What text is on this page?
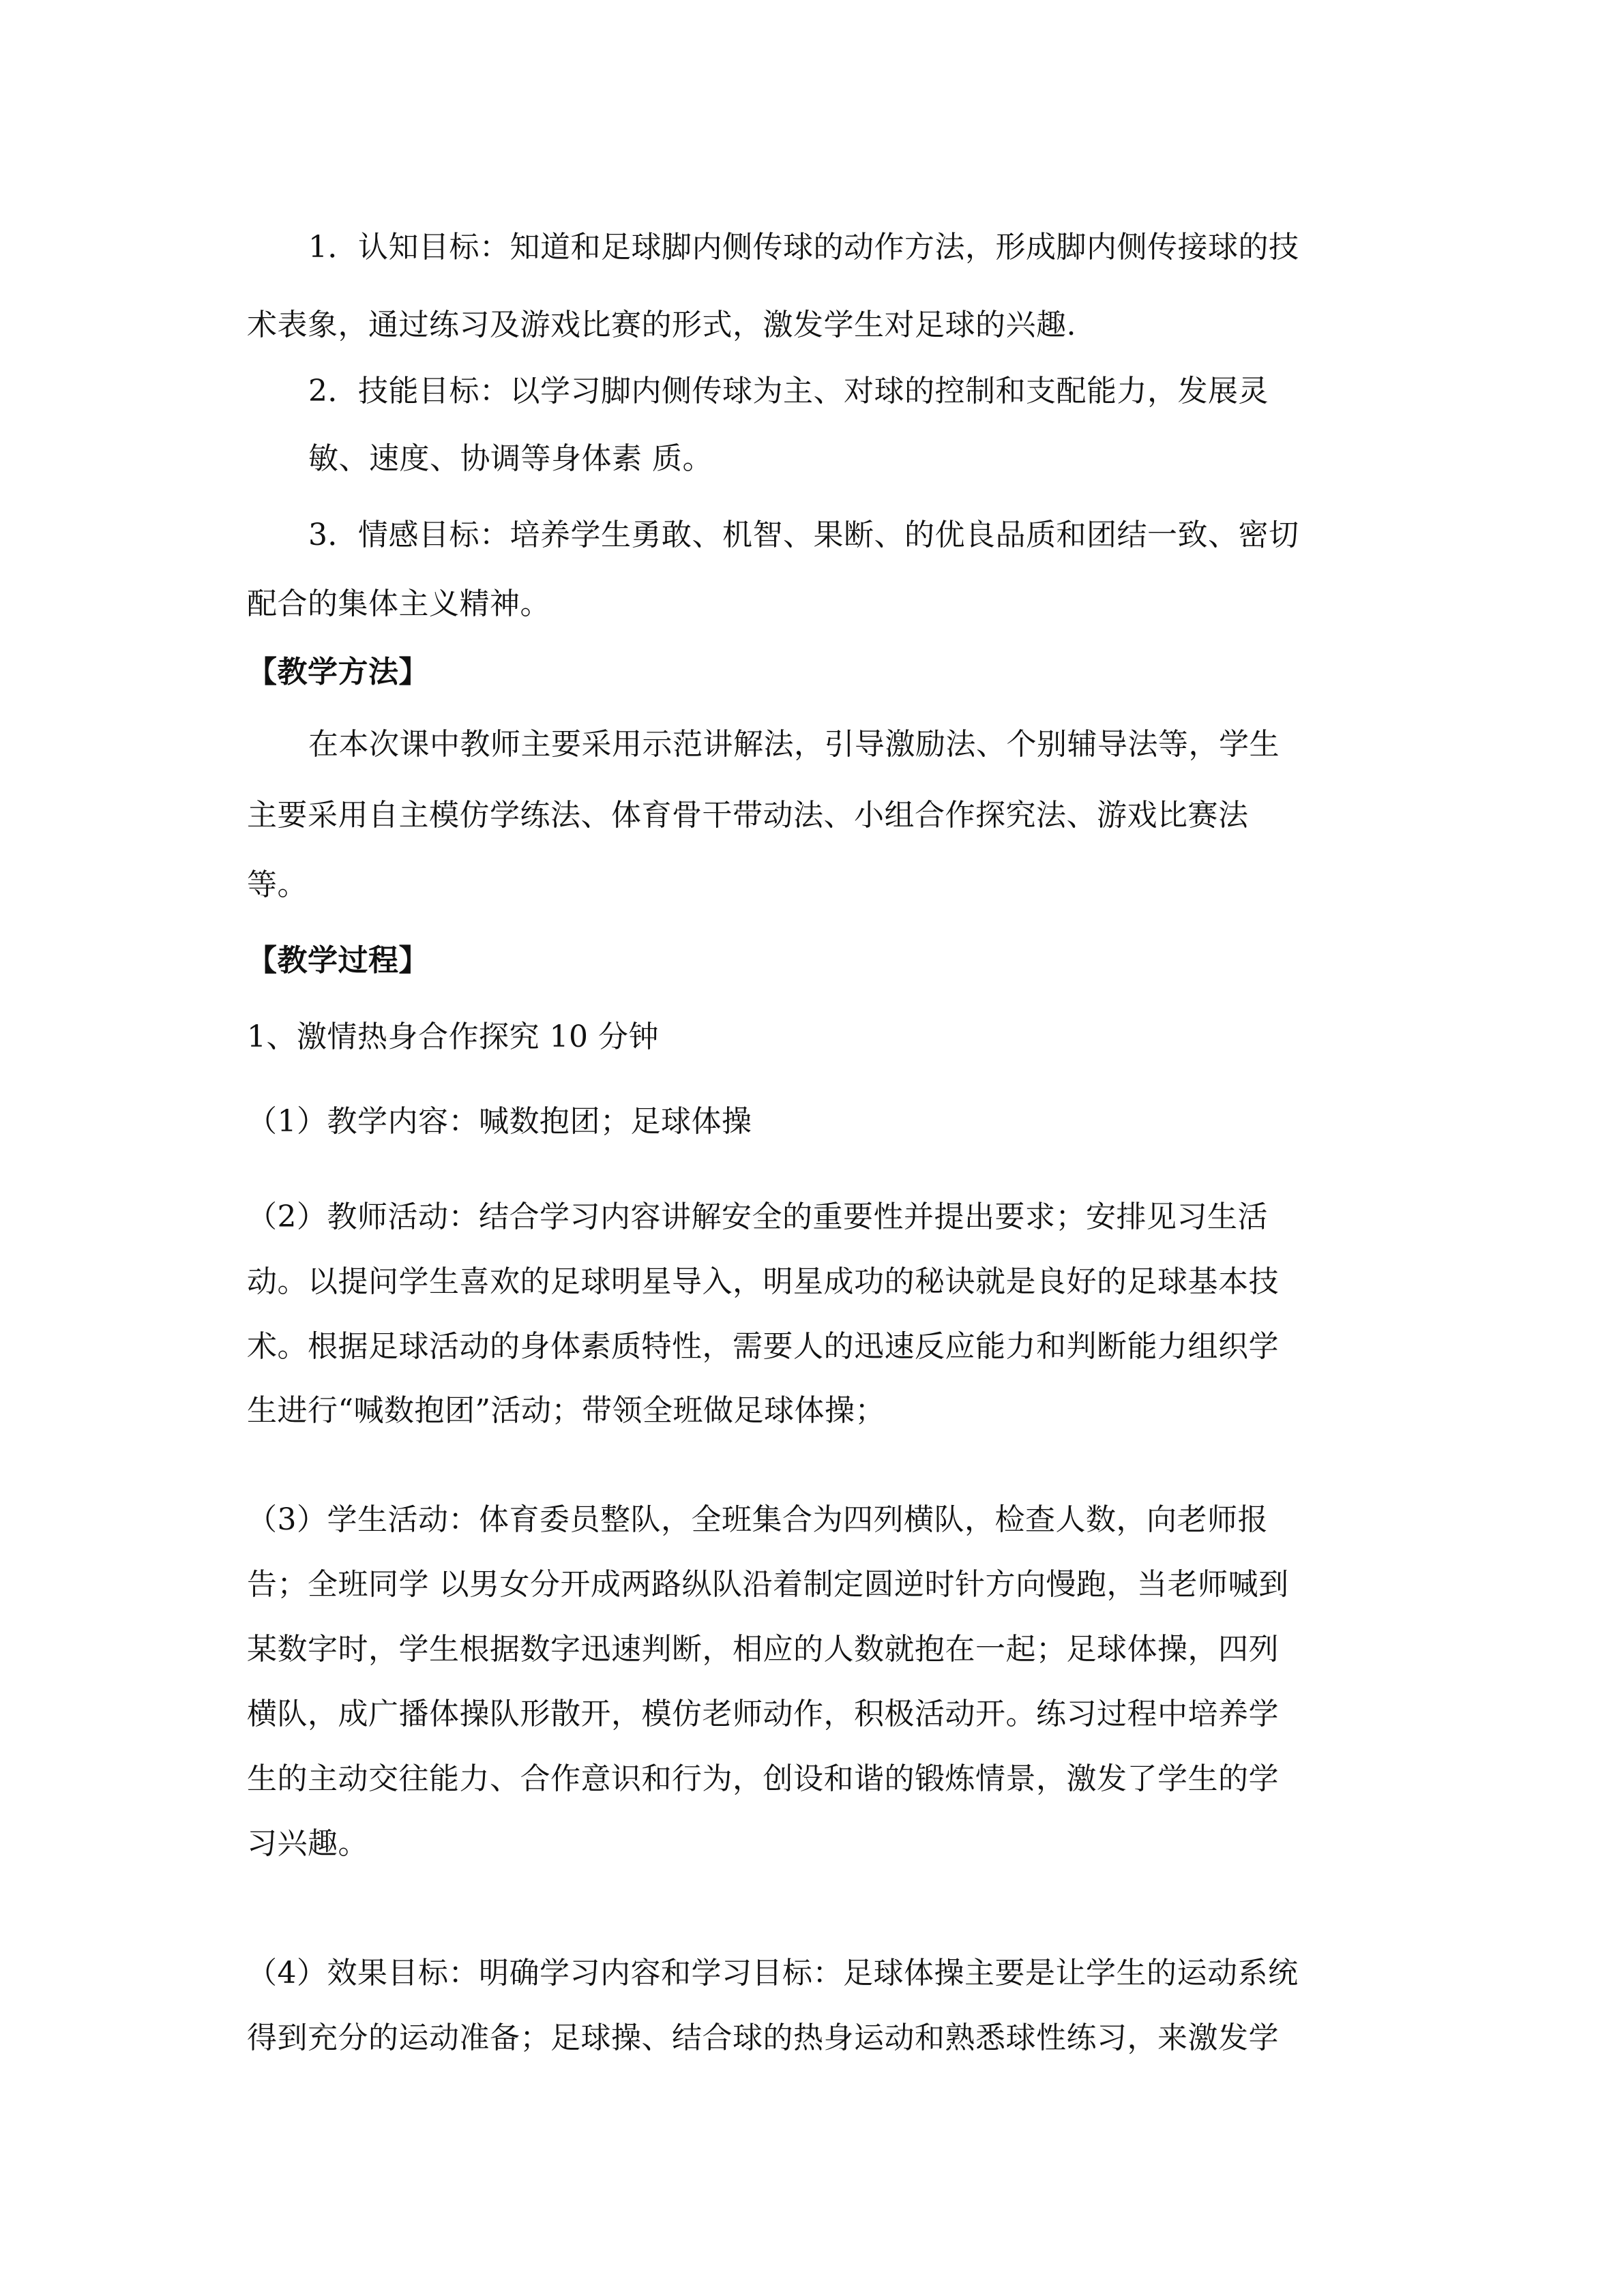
1．认知目标：知道和足球脚内侧传球的动作方法，形成脚内侧传接球的技
术表象，通过练习及游戏比赛的形式，激发学生对足球的兴趣.
2．技能目标：以学习脚内侧传球为主、对球的控制和支配能力，发展灵
敏、速度、协调等身体素 质。
3．情感目标：培养学生勇敢、机智、果断、的优良品质和团结一致、密切
配合的集体主义精神。
【教学方法】
在本次课中教师主要采用示范讲解法，引导激励法、个别辅导法等，学生
主要采用自主模仿学练法、体育骨干带动法、小组合作探究法、游戏比赛法
等。
【教学过程】
1、激情热身合作探究 10 分钟
（1）教学内容：喊数抱团；足球体操
（2）教师活动：结合学习内容讲解安全的重要性并提出要求；安排见习生活
动。以提问学生喜欢的足球明星导入，明星成功的秘诀就是良好的足球基本技
术。根据足球活动的身体素质特性，需要人的迅速反应能力和判断能力组织学
生进行“喊数抱团”活动；带领全班做足球体操；
（3）学生活动：体育委员整队，全班集合为四列横队，检查人数，向老师报
告；全班同学 以男女分开成两路纵队沿着制定圆逆时针方向慢跑，当老师喊到
某数字时，学生根据数字迅速判断，相应的人数就抱在一起；足球体操，四列
横队，成广播体操队形散开，模仿老师动作，积极活动开。练习过程中培养学
生的主动交往能力、合作意识和行为，创设和谐的锻炼情景，激发了学生的学
习兴趣。
（4）效果目标：明确学习内容和学习目标：足球体操主要是让学生的运动系统
得到充分的运动准备；足球操、结合球的热身运动和熟悉球性练习，来激发学
